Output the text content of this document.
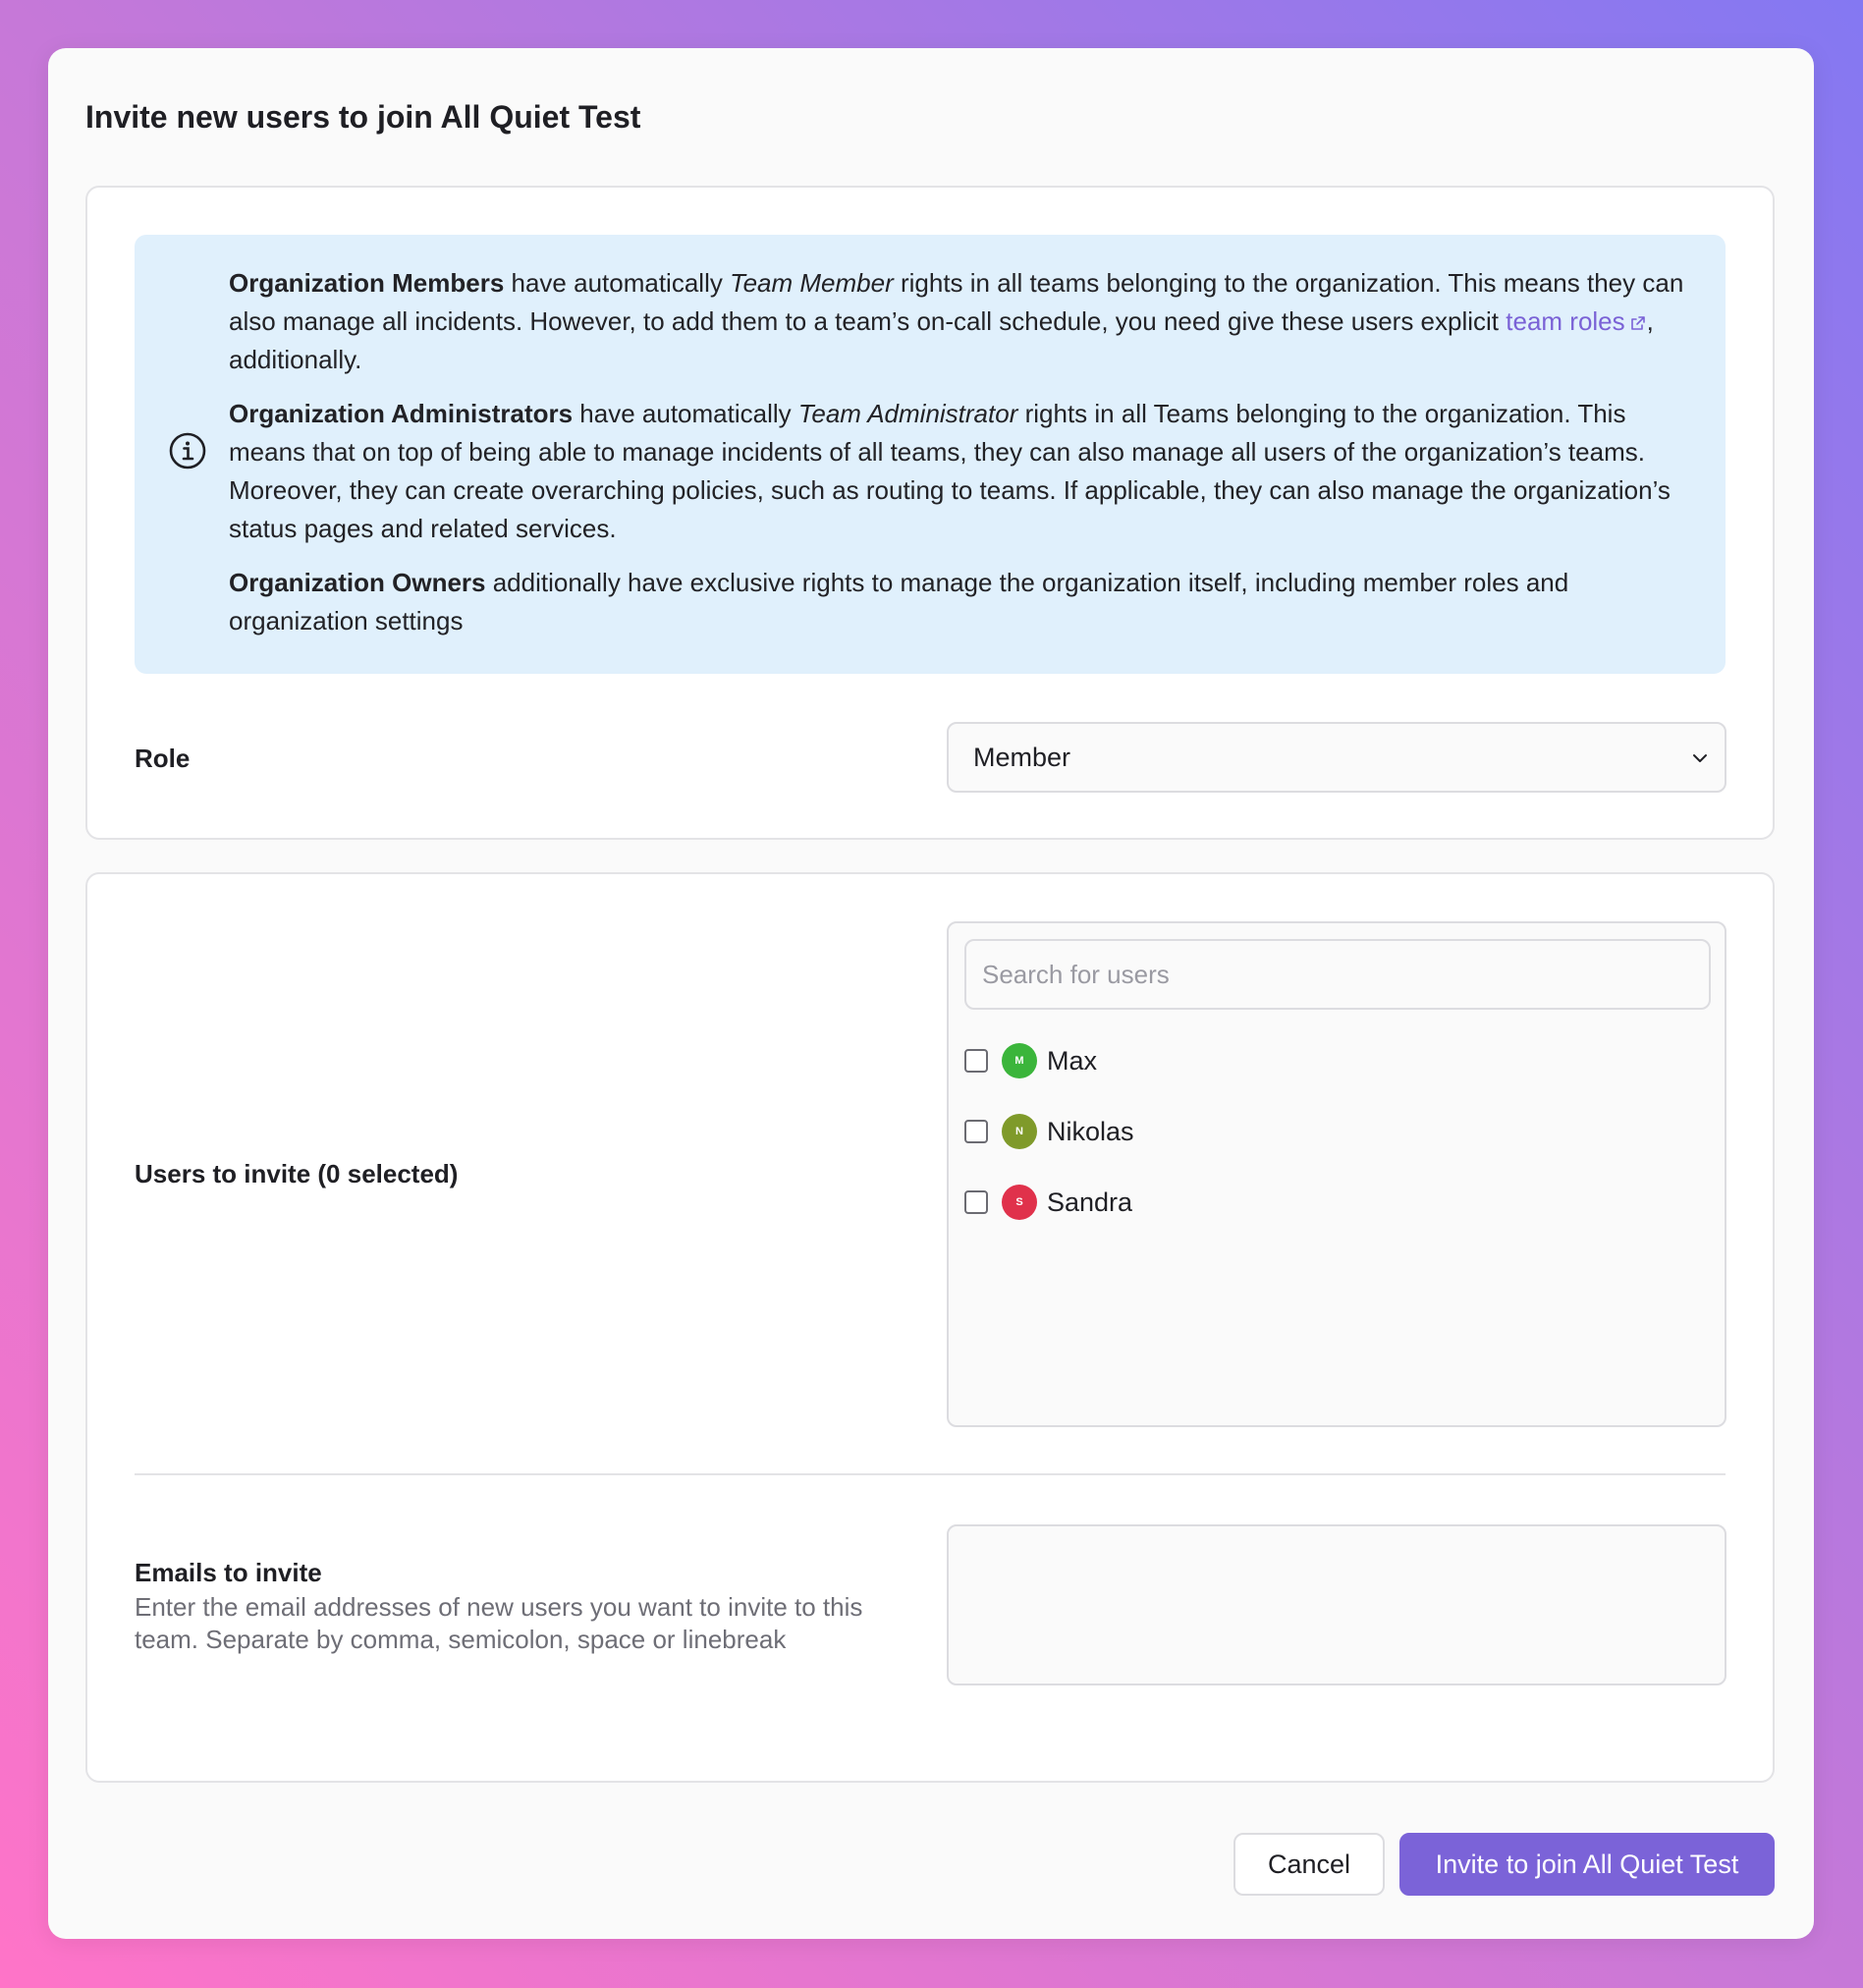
Invite new users to join All Quiet Test

Organization Members have automatically Team Member rights in all teams belonging to the organization. This means they can also manage all incidents. However, to add them to a team’s on-call schedule, you need give these users explicit team roles , additionally.

Organization Administrators have automatically Team Administrator rights in all Teams belonging to the organization. This means that on top of being able to manage incidents of all teams, they can also manage all users of the organization’s teams. Moreover, they can create overarching policies, such as routing to teams. If applicable, they can also manage the organization’s status pages and related services.

Organization Owners additionally have exclusive rights to manage the organization itself, including member roles and organization settings

Role	Member
Users to invite (0 selected)
Search for users
M Max
N Nikolas
S Sandra
Emails to invite
Enter the email addresses of new users you want to invite to this team. Separate by comma, semicolon, space or linebreak
Cancel	Invite to join All Quiet Test
